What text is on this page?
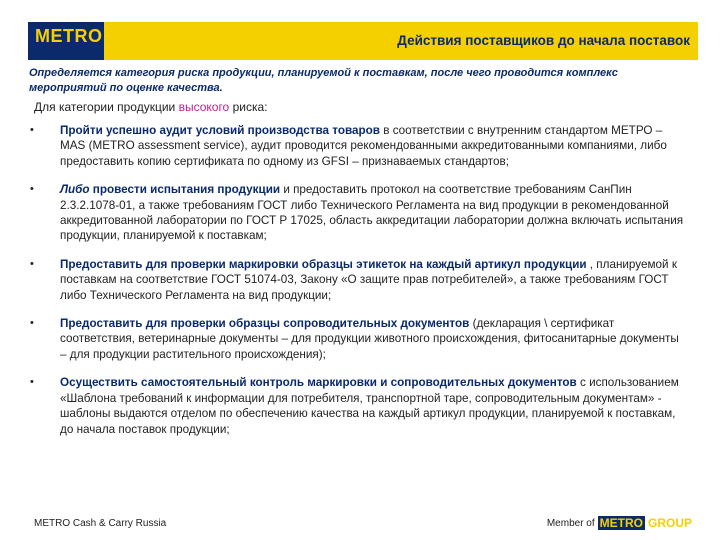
METRO	Действия поставщиков до начала поставок
Определяется категория риска продукции, планируемой к поставкам, после чего проводится комплекс мероприятий по оценке качества.
Для категории продукции высокого риска:
• Пройти успешно аудит условий производства товаров в соответствии с внутренним стандартом МЕТРО – MAS (METRO assessment service), аудит проводится рекомендованными аккредитованными компаниями, либо предоставить копию сертификата по одному из GFSI – признаваемых стандартов;
• Либо провести испытания продукции и предоставить протокол на соответствие требованиям СанПин 2.3.2.1078-01, а также требованиям ГОСТ либо Технического Регламента на вид продукции в рекомендованной аккредитованной лаборатории по ГОСТ Р 17025, область аккредитации лаборатории должна включать испытания продукции, планируемой к поставкам;
• Предоставить для проверки маркировки образцы этикеток на каждый артикул продукции , планируемой к поставкам на соответствие ГОСТ 51074-03, Закону «О защите прав потребителей», а также требованиям ГОСТ либо Технического Регламента на вид продукции;
• Предоставить для проверки образцы сопроводительных документов (декларация \ сертификат соответствия, ветеринарные документы – для продукции животного происхождения, фитосанитарные документы – для продукции растительного происхождения);
• Осуществить самостоятельный контроль маркировки и сопроводительных документов с использованием «Шаблона требований к информации для потребителя, транспортной таре, сопроводительным документам» - шаблоны выдаются отделом по обеспечению качества на каждый артикул продукции, планируемой к поставкам, до начала поставок продукции;
METRO Cash & Carry Russia	Member of METRO GROUP
